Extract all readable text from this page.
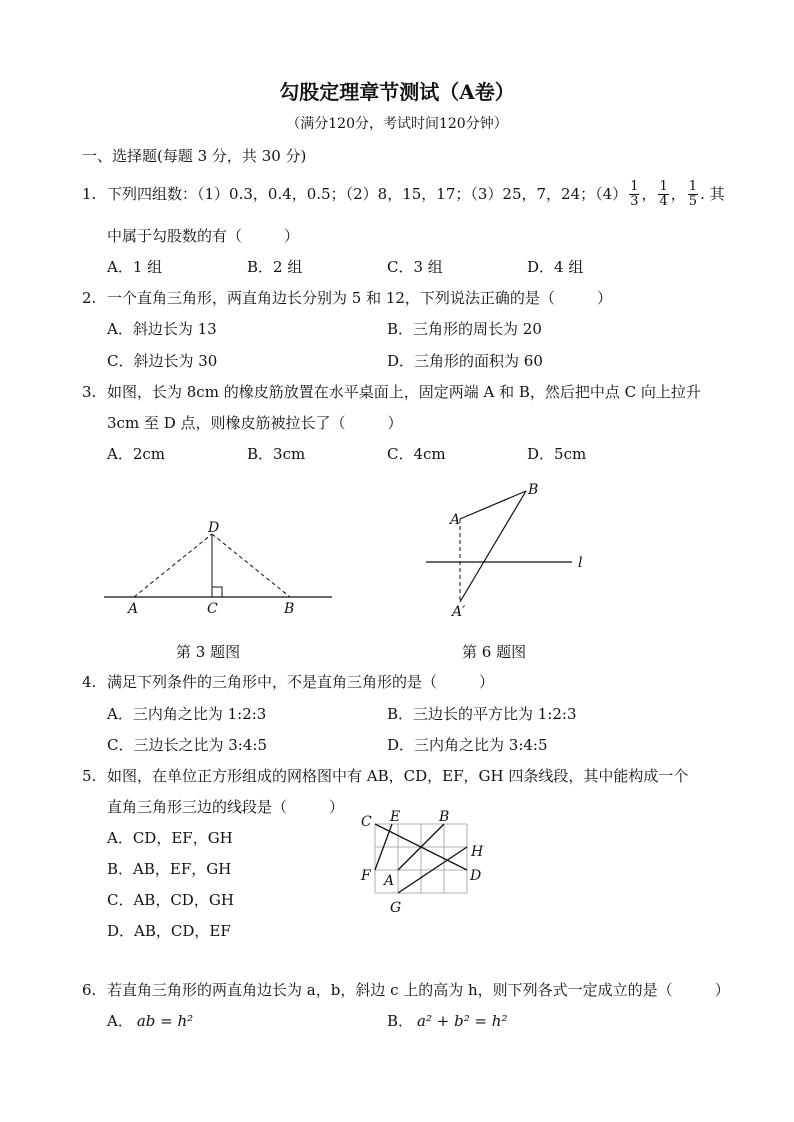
勾股定理章节测试（A卷）
（满分120分，考试时间120分钟）
一、选择题(每题 3 分，共 30 分)
1. 下列四组数：（1）0.3，0.4，0.5；（2）8，15，17；（3）25，7，24；$(4) \frac{1}{3}$ ， $\frac{1}{4}$ ， $\frac{1}{5}$ . 其
中属于勾股数的有（	）
A．1 组	B．2 组	C．3 组	D．4 组
2. 一个直角三角形，两直角边长分别为 5 和 12，下列说法正确的是（	）
A．斜边长为 13	B．三角形的周长为 20
C．斜边长为 30	D．三角形的面积为 60
3. 如图，长为 8cm 的橡皮筋放置在水平桌面上，固定两端 A 和 B，然后把中点 C 向上拉升
3cm 至 D 点，则橡皮筋被拉长了（	）
A．2cm	B．3cm	C．4cm	D．5cm
D
A	C	B
第 3 题图
A
B
l
A′
第 6 题图
4. 满足下列条件的三角形中，不是直角三角形的是（	）
A．三内角之比为 1:2:3	B．三边长的平方比为 1:2:3
C．三边长之比为 3:4:5	D．三内角之比为 3:4:5
5. 如图，在单位正方形组成的网格图中有 AB，CD，EF，GH 四条线段，其中能构成一个
直角三角形三边的线段是（	）
A．CD，EF，GH
B．AB，EF，GH
C．AB，CD，GH
D．AB，CD，EF
C E	B
H
F A	D
G
6. 若直角三角形的两直角边长为 a，b，斜边 c 上的高为 h，则下列各式一定成立的是（	）
A． ab = h²	B． a² + b² = h²
